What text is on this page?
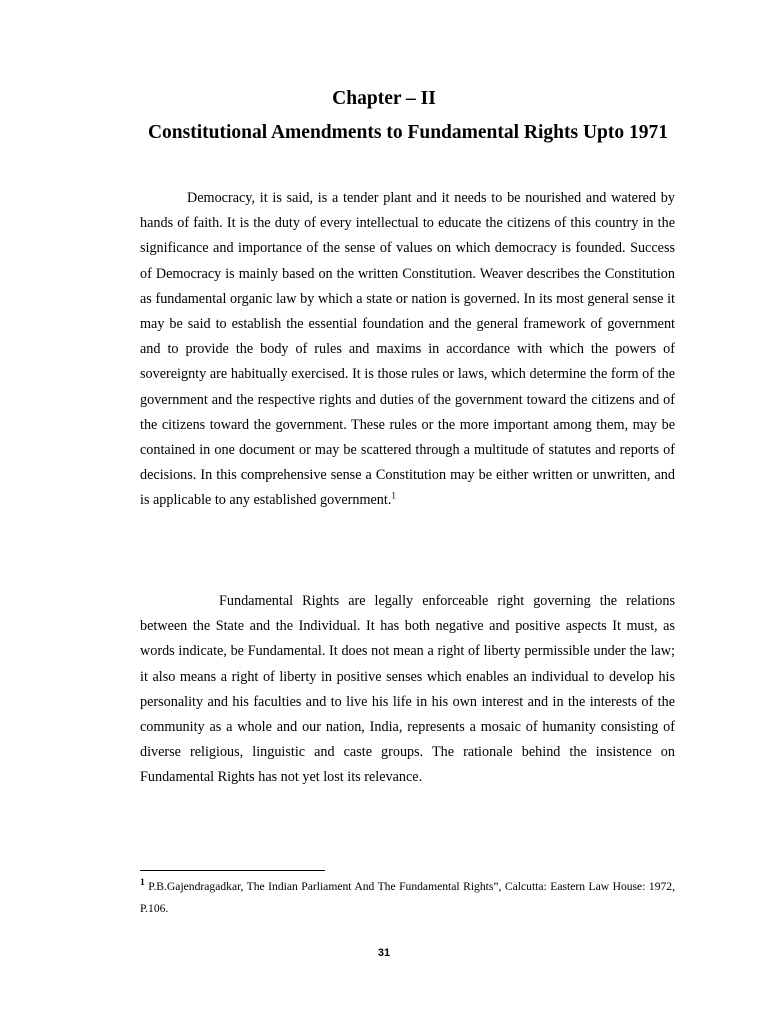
Chapter – II
Constitutional Amendments to Fundamental Rights Upto 1971

Democracy, it is said, is a tender plant and it needs to be nourished and watered by hands of faith. It is the duty of every intellectual to educate the citizens of this country in the significance and importance of the sense of values on which democracy is founded. Success of Democracy is mainly based on the written Constitution. Weaver describes the Constitution as fundamental organic law by which a state or nation is governed. In its most general sense it may be said to establish the essential foundation and the general framework of government and to provide the body of rules and maxims in accordance with which the powers of sovereignty are habitually exercised. It is those rules or laws, which determine the form of the government and the respective rights and duties of the government toward the citizens and of the citizens toward the government. These rules or the more important among them, may be contained in one document or may be scattered through a multitude of statutes and reports of decisions. In this comprehensive sense a Constitution may be either written or unwritten, and is applicable to any established government.$^1$

Fundamental Rights are legally enforceable right governing the relations between the State and the Individual. It has both negative and positive aspects It must, as words indicate, be Fundamental. It does not mean a right of liberty permissible under the law; it also means a right of liberty in positive senses which enables an individual to develop his personality and his faculties and to live his life in his own interest and in the interests of the community as a whole and our nation, India, represents a mosaic of humanity consisting of diverse religious, linguistic and caste groups. The rationale behind the insistence on Fundamental Rights has not yet lost its relevance.

$^1$ P.B.Gajendragadkar, The Indian Parliament And The Fundamental Rights”, Calcutta: Eastern Law House: 1972, P.106.

31
